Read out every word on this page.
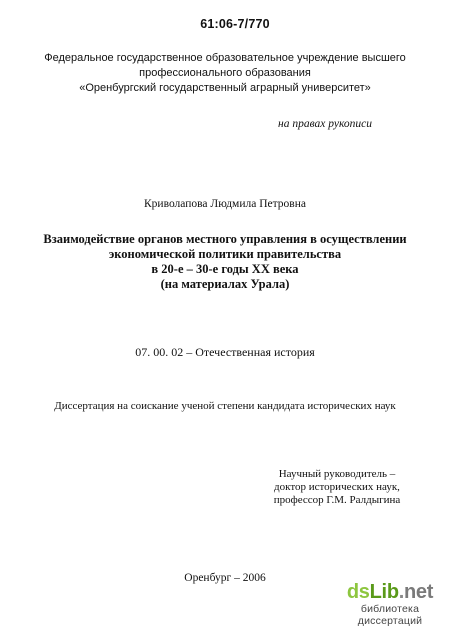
61:06-7/770
Федеральное государственное образовательное учреждение высшего
профессионального образования
«Оренбургский государственный аграрный университет»
на правах рукописи
Криволапова Людмила Петровна
Взаимодействие органов местного управления в осуществлении
экономической политики правительства
в 20-е – 30-е годы XX века
(на материалах Урала)
07. 00. 02 – Отечественная история
Диссертация на соискание ученой степени кандидата исторических наук
Научный руководитель –
доктор исторических наук,
профессор Г.М. Ралдыгина
Оренбург – 2006
dsLib.net
библиотека диссертаций
